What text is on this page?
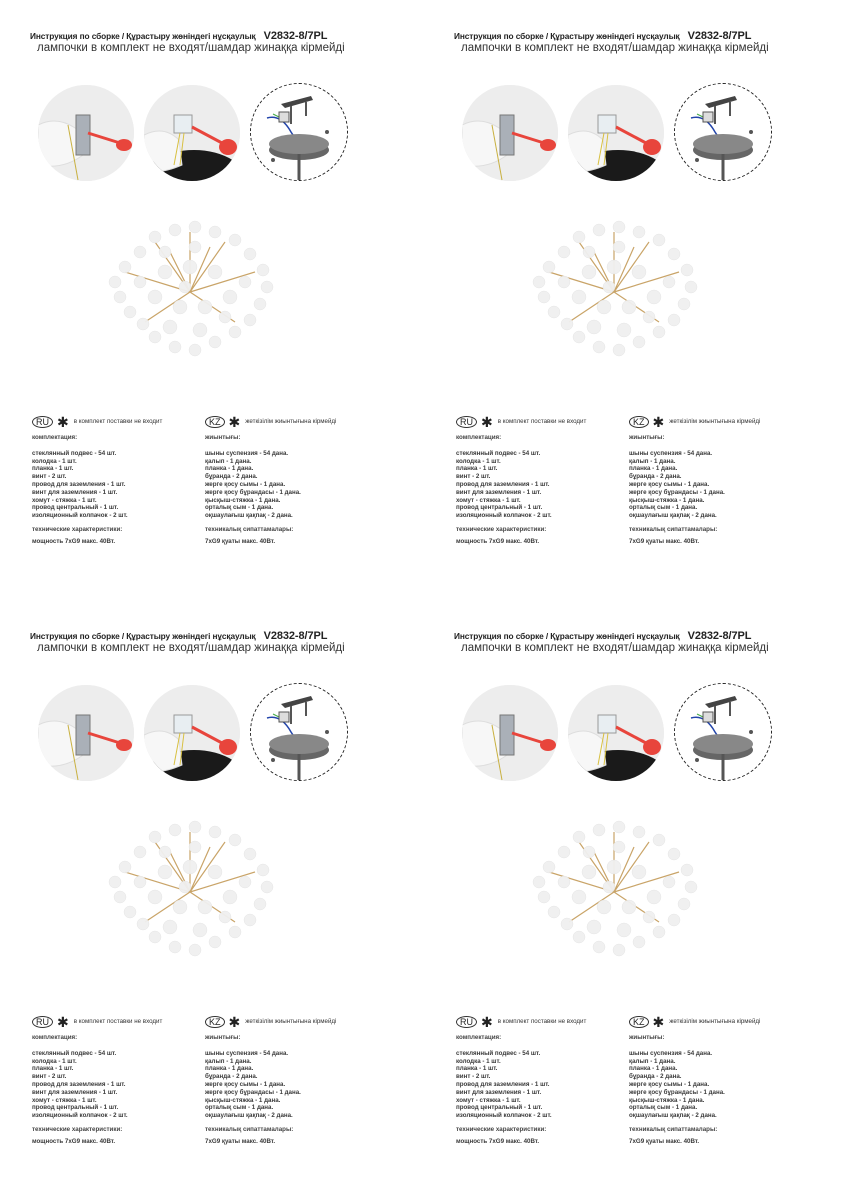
Инструкция по сборке / Құрастыру жөніндегі нұсқаулық V2832-8/7PL
лампочки в комплект не входят/шамдар жинаққа кірмейді
RU ✱ в комплект поставки не входит
комплектация:
стеклянный подвес - 54 шт.
колодка - 1 шт.
планка - 1 шт.
винт - 2 шт.
провод для заземления - 1 шт.
винт для заземления - 1 шт.
хомут - стяжка - 1 шт.
провод центральный - 1 шт.
изоляционный колпачок - 2 шт.
технические характеристики:
мощность 7xG9 макс. 40Вт.
KZ ✱ жеткізілім жиынтығына кірмейді
жиынтығы:
шыны суспензия - 54 дана.
қалып - 1 дана.
планка - 1 дана.
бұранда - 2 дана.
жерге қосу сымы - 1 дана.
жерге қосу бұрандасы - 1 дана.
қысқыш-стяжка - 1 дана.
орталық сым - 1 дана.
оқшаулағыш қақпақ - 2 дана.
техникалық сипаттамалары:
7xG9 қуаты макс. 40Вт.
Инструкция по сборке / Құрастыру жөніндегі нұсқаулық V2832-8/7PL
лампочки в комплект не входят/шамдар жинаққа кірмейді
RU ✱ в комплект поставки не входит
комплектация:
стеклянный подвес - 54 шт.
колодка - 1 шт.
планка - 1 шт.
винт - 2 шт.
провод для заземления - 1 шт.
винт для заземления - 1 шт.
хомут - стяжка - 1 шт.
провод центральный - 1 шт.
изоляционный колпачок - 2 шт.
технические характеристики:
мощность 7xG9 макс. 40Вт.
KZ ✱ жеткізілім жиынтығына кірмейді
жиынтығы:
шыны суспензия - 54 дана.
қалып - 1 дана.
планка - 1 дана.
бұранда - 2 дана.
жерге қосу сымы - 1 дана.
жерге қосу бұрандасы - 1 дана.
қысқыш-стяжка - 1 дана.
орталық сым - 1 дана.
оқшаулағыш қақпақ - 2 дана.
техникалық сипаттамалары:
7xG9 қуаты макс. 40Вт.
Инструкция по сборке / Құрастыру жөніндегі нұсқаулық V2832-8/7PL
лампочки в комплект не входят/шамдар жинаққа кірмейді
RU ✱ в комплект поставки не входит
комплектация:
стеклянный подвес - 54 шт.
колодка - 1 шт.
планка - 1 шт.
винт - 2 шт.
провод для заземления - 1 шт.
винт для заземления - 1 шт.
хомут - стяжка - 1 шт.
провод центральный - 1 шт.
изоляционный колпачок - 2 шт.
технические характеристики:
мощность 7xG9 макс. 40Вт.
KZ ✱ жеткізілім жиынтығына кірмейді
жиынтығы:
шыны суспензия - 54 дана.
қалып - 1 дана.
планка - 1 дана.
бұранда - 2 дана.
жерге қосу сымы - 1 дана.
жерге қосу бұрандасы - 1 дана.
қысқыш-стяжка - 1 дана.
орталық сым - 1 дана.
оқшаулағыш қақпақ - 2 дана.
техникалық сипаттамалары:
7xG9 қуаты макс. 40Вт.
Инструкция по сборке / Құрастыру жөніндегі нұсқаулық V2832-8/7PL
лампочки в комплект не входят/шамдар жинаққа кірмейді
RU ✱ в комплект поставки не входит
комплектация:
стеклянный подвес - 54 шт.
колодка - 1 шт.
планка - 1 шт.
винт - 2 шт.
провод для заземления - 1 шт.
винт для заземления - 1 шт.
хомут - стяжка - 1 шт.
провод центральный - 1 шт.
изоляционный колпачок - 2 шт.
технические характеристики:
мощность 7xG9 макс. 40Вт.
KZ ✱ жеткізілім жиынтығына кірмейді
жиынтығы:
шыны суспензия - 54 дана.
қалып - 1 дана.
планка - 1 дана.
бұранда - 2 дана.
жерге қосу сымы - 1 дана.
жерге қосу бұрандасы - 1 дана.
қысқыш-стяжка - 1 дана.
орталық сым - 1 дана.
оқшаулағыш қақпақ - 2 дана.
техникалық сипаттамалары:
7xG9 қуаты макс. 40Вт.
